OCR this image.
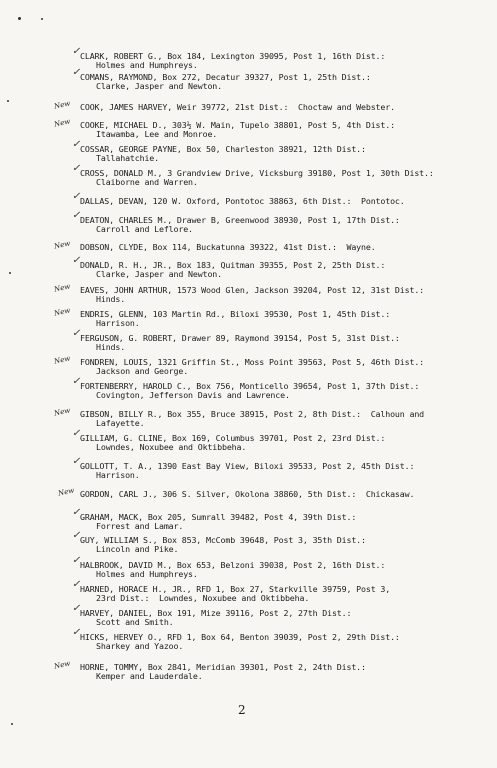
✓ CLARK, ROBERT G., Box 184, Lexington 39095, Post 1, 16th Dist.:
Holmes and Humphreys.
✓ COMANS, RAYMOND, Box 272, Decatur 39327, Post 1, 25th Dist.:
Clarke, Jasper and Newton.
New COOK, JAMES HARVEY, Weir 39772, 21st Dist.:  Choctaw and Webster.
New COOKE, MICHAEL D., 303½ W. Main, Tupelo 38801, Post 5, 4th Dist.:
Itawamba, Lee and Monroe.
✓ COSSAR, GEORGE PAYNE, Box 50, Charleston 38921, 12th Dist.:
Tallahatchie.
✓ CROSS, DONALD M., 3 Grandview Drive, Vicksburg 39180, Post 1, 30th Dist.:
Claiborne and Warren.
✓ DALLAS, DEVAN, 120 W. Oxford, Pontotoc 38863, 6th Dist.:  Pontotoc.
✓ DEATON, CHARLES M., Drawer B, Greenwood 38930, Post 1, 17th Dist.:
Carroll and Leflore.
New DOBSON, CLYDE, Box 114, Buckatunna 39322, 41st Dist.:  Wayne.
✓ DONALD, R. H., JR., Box 183, Quitman 39355, Post 2, 25th Dist.:
Clarke, Jasper and Newton.
New EAVES, JOHN ARTHUR, 1573 Wood Glen, Jackson 39204, Post 12, 31st Dist.:
Hinds.
New ENDRIS, GLENN, 103 Martin Rd., Biloxi 39530, Post 1, 45th Dist.:
Harrison.
✓ FERGUSON, G. ROBERT, Drawer 89, Raymond 39154, Post 5, 31st Dist.:
Hinds.
New FONDREN, LOUIS, 1321 Griffin St., Moss Point 39563, Post 5, 46th Dist.:
Jackson and George.
✓ FORTENBERRY, HAROLD C., Box 756, Monticello 39654, Post 1, 37th Dist.:
Covington, Jefferson Davis and Lawrence.
New GIBSON, BILLY R., Box 355, Bruce 38915, Post 2, 8th Dist.:  Calhoun and
Lafayette.
✓ GILLIAM, G. CLINE, Box 169, Columbus 39701, Post 2, 23rd Dist.:
Lowndes, Noxubee and Oktibbeha.
✓ GOLLOTT, T. A., 1390 East Bay View, Biloxi 39533, Post 2, 45th Dist.:
Harrison.
New GORDON, CARL J., 306 S. Silver, Okolona 38860, 5th Dist.:  Chickasaw.
✓ GRAHAM, MACK, Box 205, Sumrall 39482, Post 4, 39th Dist.:
Forrest and Lamar.
✓ GUY, WILLIAM S., Box 853, McComb 39648, Post 3, 35th Dist.:
Lincoln and Pike.
✓ HALBROOK, DAVID M., Box 653, Belzoni 39038, Post 2, 16th Dist.:
Holmes and Humphreys.
✓ HARNED, HORACE H., JR., RFD 1, Box 27, Starkville 39759, Post 3,
23rd Dist.:  Lowndes, Noxubee and Oktibbeha.
✓ HARVEY, DANIEL, Box 191, Mize 39116, Post 2, 27th Dist.:
Scott and Smith.
✓ HICKS, HERVEY O., RFD 1, Box 64, Benton 39039, Post 2, 29th Dist.:
Sharkey and Yazoo.
New HORNE, TOMMY, Box 2841, Meridian 39301, Post 2, 24th Dist.:
Kemper and Lauderdale.
2
